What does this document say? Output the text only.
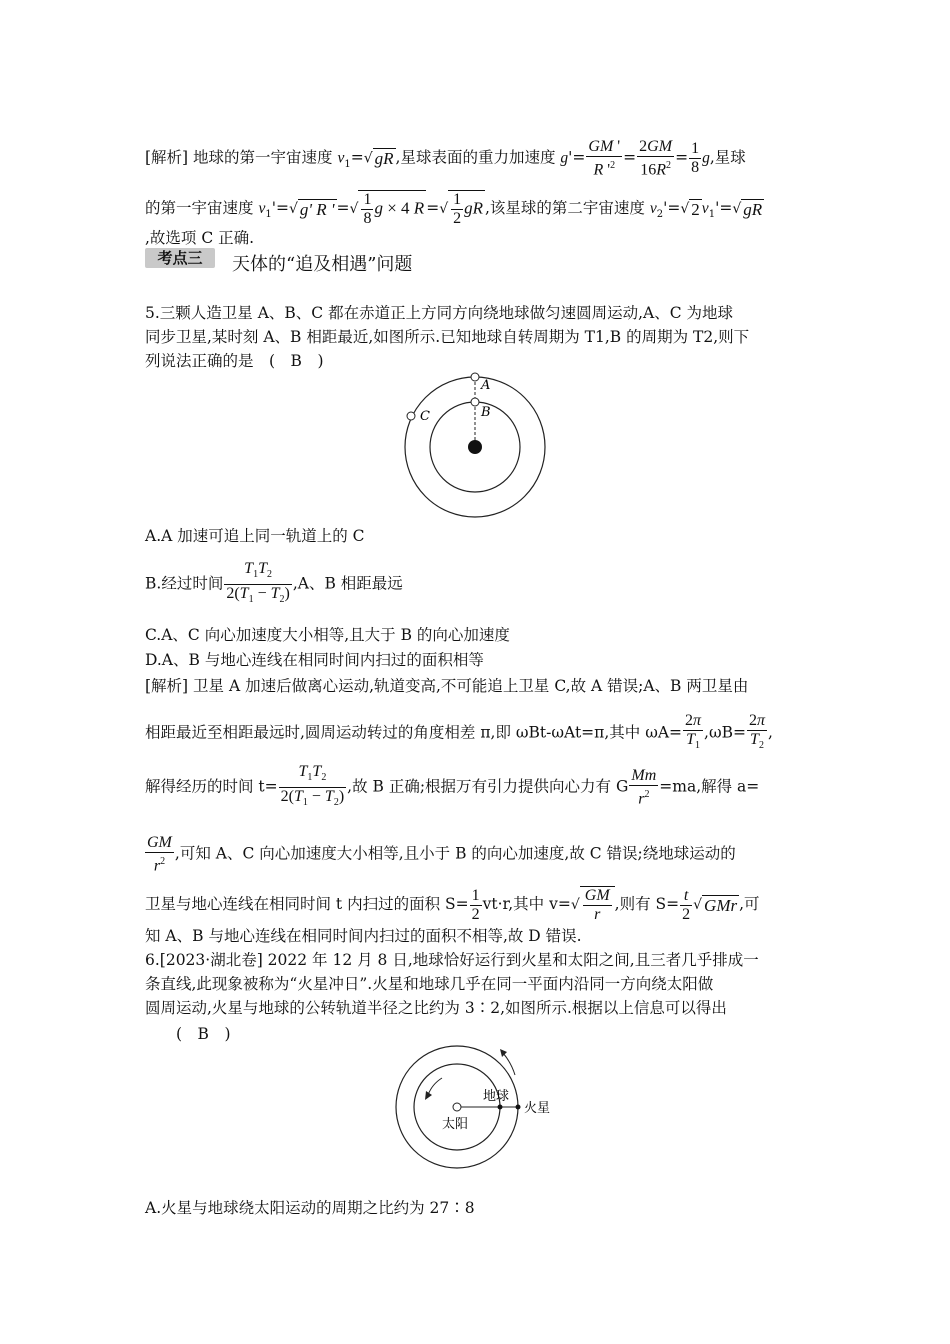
[解析] 地球的第一宇宙速度 $v_1=√$ gR ,星球表面的重力加速度 $g'= \frac{GM '}{R '^2} = \frac{2GM}{16R^2} = \frac{1}{8} g$,星球
的第一宇宙速度 $v_1'=√$ g' R ' =√ $\frac{1}{8}$ g × 4 R =√ $\frac{1}{2}$ gR ,该星球的第二宇宙速度 $v_2'=√$ 2 $v_1'=√$ gR
,故选项 C 正确.
考点三	天体的“追及相遇”问题
5.三颗人造卫星 A、B、C 都在赤道正上方同方向绕地球做匀速圆周运动,A、C 为地球
同步卫星,某时刻 A、B 相距最近,如图所示.已知地球自转周期为 T1,B 的周期为 T2,则下
列说法正确的是　(　B　)
A
B
C
A.A 加速可追上同一轨道上的 C
B.经过时间 $\frac{T_1T_2}{2(T_1 - T_2)} ,A$、B 相距最远
C.A、C 向心加速度大小相等,且大于 B 的向心加速度
D.A、B 与地心连线在相同时间内扫过的面积相等
[解析] 卫星 A 加速后做离心运动,轨道变高,不可能追上卫星 C,故 A 错误;A、B 两卫星由
相距最近至相距最远时,圆周运动转过的角度相差 π,即 ωBt-ωAt=π,其中 $\omega A= \frac{2\pi}{T_1} ,\omega B= \frac{2\pi}{T_2}$ ,
解得经历的时间 $t= \frac{T_1T_2}{2(T_1 - T_2)}$ ,故 B 正确;根据万有引力提供向心力有 G $\frac{Mm}{r^2} =ma$,解得 a=
$\frac{GM}{r^2}$ ,可知 A、C 向心加速度大小相等,且小于 B 的向心加速度,故 C 错误;绕地球运动的
卫星与地心连线在相同时间 t 内扫过的面积 $S= \frac{1}{2} vt\cdot r$,其中 $v=√ \frac{GM}{r}$ ,则有 $S= \frac{t}{2}$ √ GMr ,可
知 A、B 与地心连线在相同时间内扫过的面积不相等,故 D 错误.
6.[2023·湖北卷] 2022 年 12 月 8 日,地球恰好运行到火星和太阳之间,且三者几乎排成一
条直线,此现象被称为“火星冲日”.火星和地球几乎在同一平面内沿同一方向绕太阳做
圆周运动,火星与地球的公转轨道半径之比约为 3∶2,如图所示.根据以上信息可以得出
(　B　)
太阳
地球
火星
A.火星与地球绕太阳运动的周期之比约为 27∶8
